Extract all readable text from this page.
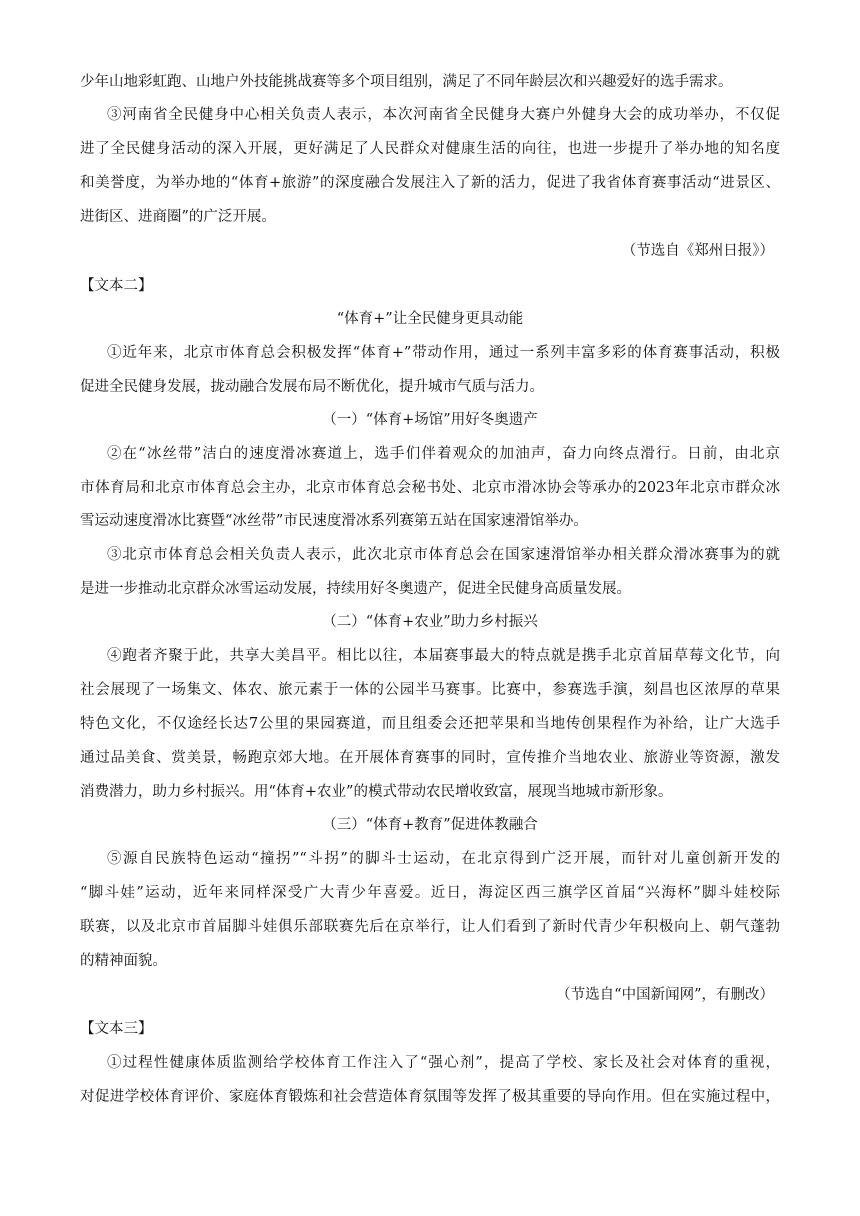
少年山地彩虹跑、山地户外技能挑战赛等多个项目组别，满足了不同年龄层次和兴趣爱好的选手需求。
③河南省全民健身中心相关负责人表示，本次河南省全民健身大赛户外健身大会的成功举办，不仅促
进了全民健身活动的深入开展，更好满足了人民群众对健康生活的向往，也进一步提升了举办地的知名度
和美誉度，为举办地的“体育+旅游”的深度融合发展注入了新的活力，促进了我省体育赛事活动“进景区、
进街区、进商圈”的广泛开展。
（节选自《郑州日报》）
【文本二】
“体育+”让全民健身更具动能
①近年来，北京市体育总会积极发挥“体育+”带动作用，通过一系列丰富多彩的体育赛事活动，积极
促进全民健身发展，拢动融合发展布局不断优化，提升城市气质与活力。
（一）“体育+场馆”用好冬奥遗产
②在“冰丝带”洁白的速度滑冰赛道上，选手们伴着观众的加油声，奋力向终点滑行。日前，由北京
市体育局和北京市体育总会主办，北京市体育总会秘书处、北京市滑冰协会等承办的2023年北京市群众冰
雪运动速度滑冰比赛暨“冰丝带”市民速度滑冰系列赛第五站在国家速滑馆举办。
③北京市体育总会相关负责人表示，此次北京市体育总会在国家速滑馆举办相关群众滑冰赛事为的就
是进一步推动北京群众冰雪运动发展，持续用好冬奥遗产，促进全民健身高质量发展。
（二）“体育+农业”助力乡村振兴
④跑者齐聚于此，共享大美昌平。相比以往，本届赛事最大的特点就是携手北京首届草莓文化节，向
社会展现了一场集文、体农、旅元素于一体的公园半马赛事。比赛中，参赛选手演，刻昌也区浓厚的草果
特色文化，不仅途经长达7公里的果园赛道，而且组委会还把苹果和当地传创果程作为补给，让广大选手
通过品美食、赏美景，畅跑京郊大地。在开展体育赛事的同时，宣传推介当地农业、旅游业等资源，激发
消费潜力，助力乡村振兴。用“体育+农业”的模式带动农民增收致富，展现当地城市新形象。
（三）“体育+教育”促进体教融合
⑤源自民族特色运动“撞拐”“斗拐”的脚斗士运动，在北京得到广泛开展，而针对儿童创新开发的
“脚斗娃”运动，近年来同样深受广大青少年喜爱。近日，海淀区西三旗学区首届“兴海杯”脚斗娃校际
联赛，以及北京市首届脚斗娃俱乐部联赛先后在京举行，让人们看到了新时代青少年积极向上、朝气蓬勃
的精神面貌。
（节选自“中国新闻网”，有删改）
【文本三】
①过程性健康体质监测给学校体育工作注入了“强心剂”，提高了学校、家长及社会对体育的重视，
对促进学校体育评价、家庭体育锻炼和社会营造体育氛围等发挥了极其重要的导向作用。但在实施过程中，
